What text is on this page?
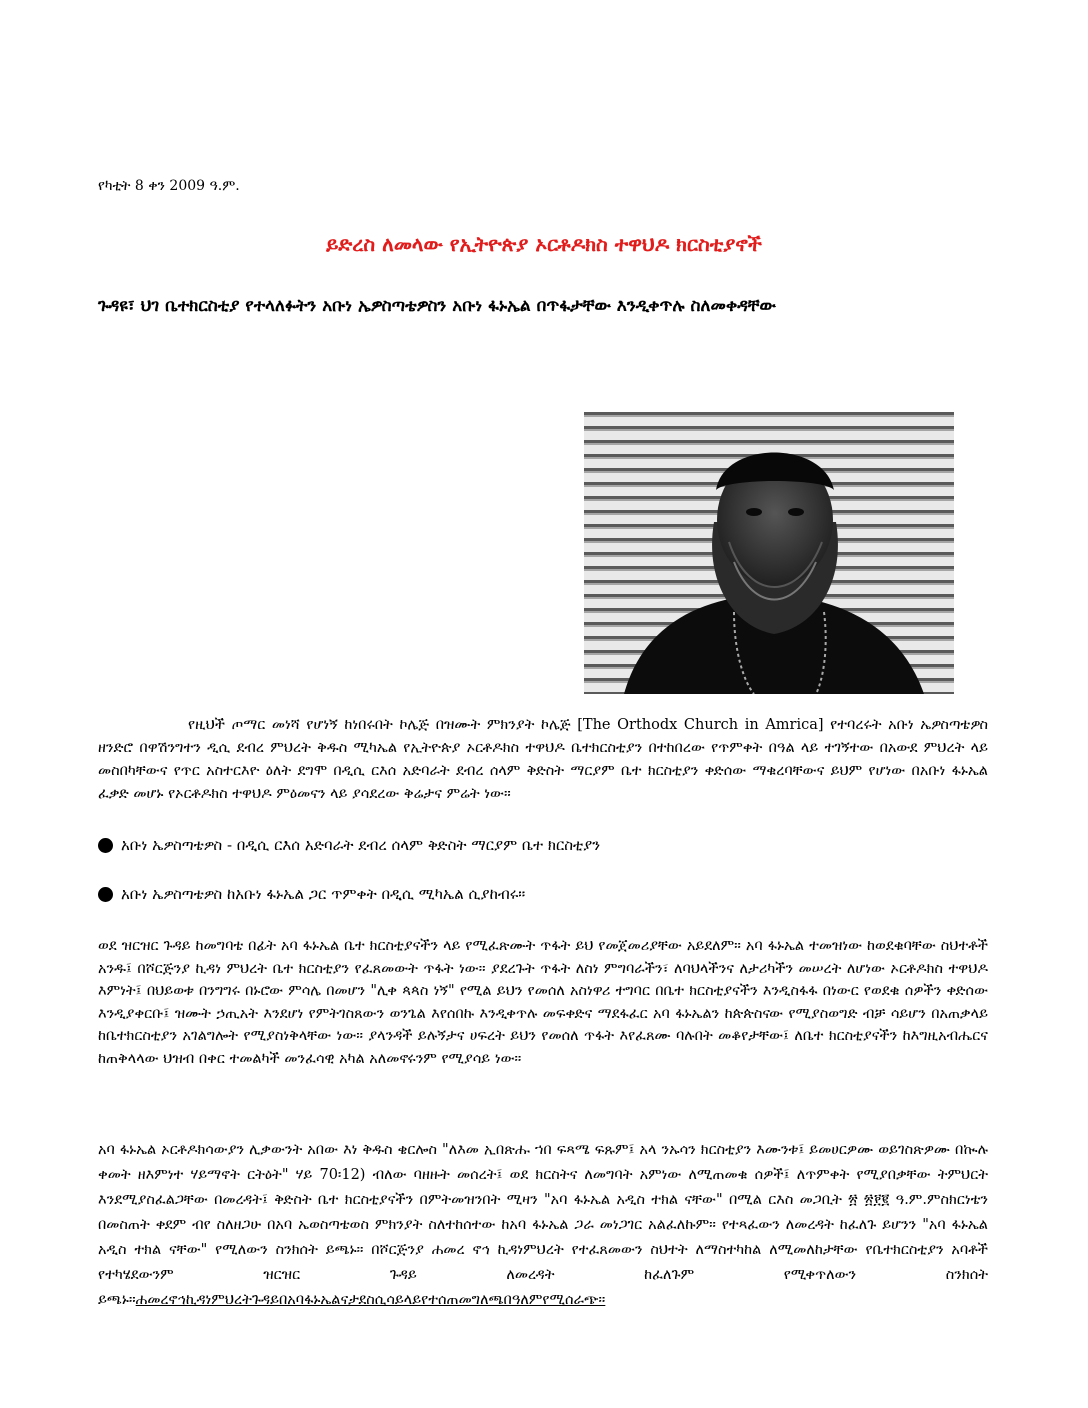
የካቲት 8 ቀን 2009 ዓ.ም.
ይድረስ ለመላው የኢትዮጵያ ኦርቶዶክስ ተዋህዶ ክርስቲያኖች
ጉዳዩ፣ ህገ ቤተክርስቲያ የተላለፉትን አቡነ ኤዎስጣቴዎስን አቡነ ፋኑኤል በጥፋታቸው እንዲቀጥሉ ስለመቀዳቸው
የዚህች ጦማር መነሻ የሆነኝ ከነበሩበት ኮሌጅ በዝሙት ምክንያት ኮሌጅ [The Orthodx Church in Amrica] የተባረሩት አቡነ ኤዎስጣቴዎስ ዘንድሮ በዋሽንግተን ዲሲ ደብረ ምህረት ቅዱስ ሚካኤል የኢትዮጵያ ኦርቶዶክስ ተዋህዶ ቤተክርስቲያን በተከበረው የጥምቀት በዓል ላይ ተገኝተው በአውደ ምህረት ላይ መስበካቸውና የጥር አስተርእዮ ዕለት ደግሞ በዲሲ ርእሰ አድባራት ደብረ ሰላም ቅድስት ማርያም ቤተ ክርስቲያን ቀድሰው ማቁረባቸውና ይህም የሆነው በአቡነ ፋኑኤል ፈቃድ መሆኑ የኦርቶዶክስ ተዋህዶ ምዕመናን ላይ ያሳደረው ቅሬታና ምሬት ነው።
አቡነ ኤዎስጣቴዎስ - በዲሲ ርእሰ አድባራት ደብረ ሰላም ቅድስት ማርያም ቤተ ክርስቲያን
አቡነ ኤዎስጣቴዎስ ከአቡነ ፋኑኤል ጋር ጥምቀት በዲሲ ሚካኤል ሲያከብሩ።
ወደ ዝርዝር ጉዳይ ከመግባቴ በፊት አባ ፋኑኤል ቤተ ክርስቲያናችን ላይ የሚፈጽሙት ጥፋት ይህ የመጀመሪያቸው አይደለም። አባ ፋኑኤል ተመዝነው ከወደቁባቸው ስህተቶች አንዱ፤ በሾርጅንያ ኪዳነ ምህረት ቤተ ክርስቲያን የፈጸመውት ጥፋት ነው። ያደረጉት ጥፋት ለስነ ምግባራችን፣ ለባህላችንና ለታሪካችን መሠረት ለሆነው ኦርቶዶክስ ተዋህዶ እምነት፤ በህይወቱ በንግግሩ በኑሮው ምሳሌ በመሆን "ሊቀ ጳጳስ ነኝ" የሚል ይህን የመሰለ አስነዋሪ ተግባር በቤተ ክርስቲያናችን እንዲስፋፋ በነውር የወደቁ ሰዎችን ቀድሰው እንዲያቀርቡ፤ ዝሙት ኃጢአት እንደሆነ የምትገስጸውን ወንጌል እየሰበኩ እንዲቀጥሉ መፍቀድና ማደፋፈር አባ ፋኑኤልን ከጵጵስናው የሚያስወግድ ብቻ ሳይሆን በአጠቃላይ ከቤተክርስቲያን አገልግሎት የሚያስነቅላቸው ነው። ያላንዳች ይሉኝታና ሀፍረት ይህን የመሰለ ጥፋት እየፈጸሙ ባሉበት መቆየታቸው፤ ለቤተ ክርስቲያናችን ከእግዚአብሔርና ከጠቅላላው ህዝብ በቀር ተመልካች መንፈሳዊ አካል አለመኖሩንም የሚያሳይ ነው።
አባ ፋኑኤል ኦርቶዶክሳውያን ሊቃውንት አበው እነ ቅዱስ ቄርሎስ "ለእመ ኢበጽሑ ኀበ ፍጻሜ ፍጹም፤ አላ ንኡሳን ክርስቲያን እሙንቱ፤ ይመሀርዎሙ ወይገስጽዎሙ በኲሉ ቀመት ዘእምነተ ሃይማኖት ርትዕት" ሃይ 70፡12) ብለው ባዘዙት መሰረት፤ ወደ ክርስትና ለመግባት አምነው ለሚጠመቁ ሰዎች፤ ለጥምቀት የሚያበቃቸው ትምህርት እንደሚያስፈልጋቸው በመረዳት፤ ቅድስት ቤተ ክርስቲያናችን በምትመዝንበት ሚዛን "አባ ፋኑኤል አዲስ ተክል ናቸው" በሚል ርእስ መጋቢት ፳ ፳፻፪ ዓ.ም.ምስክርነቴን በመስጠት ቀደም ብየ ስለዘጋሁ በአባ ኤወስጣቴወስ ምክንያት ስለተከሰተው ከአባ ፋኑኤል ጋራ መነጋገር አልፈለኩም። የተጻፈውን ለመረዳት ከፈለጉ ይሆንን "አባ ፋኑኤል አዲስ ተክል ናቸው" የሚለውን ስንክሰት ይጫኑ። በሾርጅንያ ሐመረ ኖኅ ኪዳነምህረት የተፈጸመውን ስህተት ለማስተካከል ለሚመለከታቸው የቤተክርስቲያን አባቶች የተካሄደውንም ዝርዝር ጉዳይ ለመረዳት ከፈለጉም የሚቀጥለውን ስንክሰት ይጫኑ።ሐመረኖኅኪዳነምህረትጉዳይበአባፋኑኤልናታደስሲሳይላይየተሰጠመግለጫበዓለምየሚሰራጭ።
